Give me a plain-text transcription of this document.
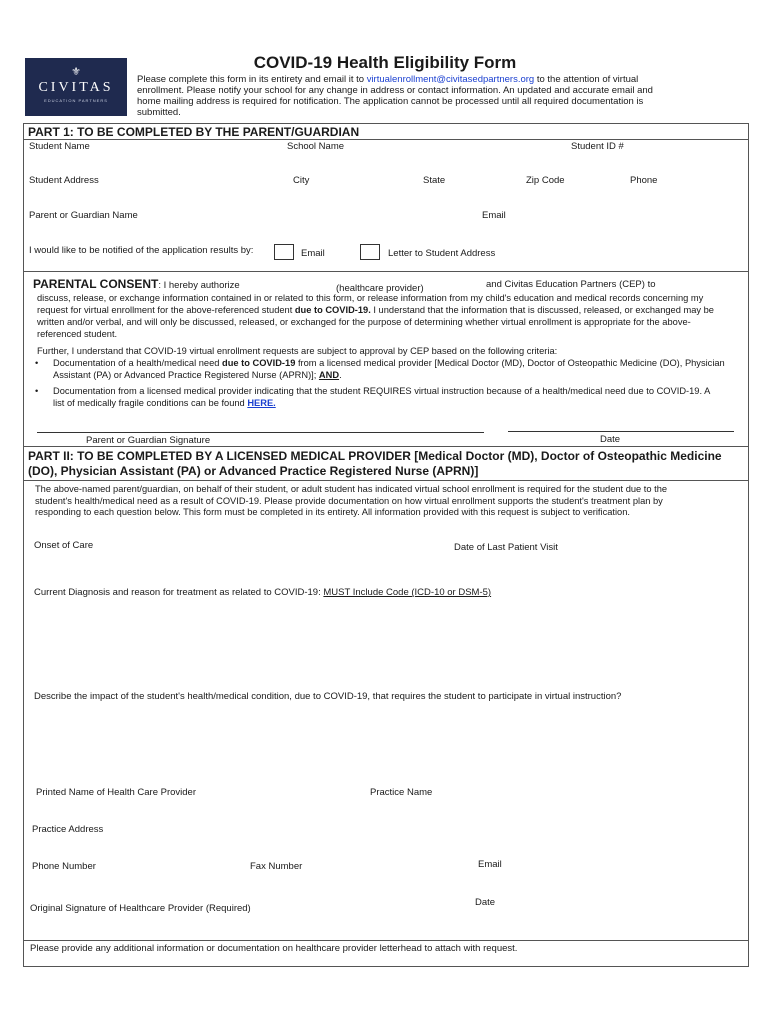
⚜
CIVITAS
EDUCATION PARTNERS
COVID-19 Health Eligibility Form
Please complete this form in its entirety and email it to virtualenrollment@civitasedpartners.org to the attention of virtual enrollment. Please notify your school for any change in address or contact information. An updated and accurate email and home mailing address is required for notification. The application cannot be processed until all required documentation is submitted.
PART 1: TO BE COMPLETED BY THE PARENT/GUARDIAN
Student Name	School Name	Student ID #
Student Address	City	State	Zip Code	Phone
Parent or Guardian Name	Email
I would like to be notified of the application results by:	Email	Letter to Student Address
PARENTAL CONSENT: I hereby authorize	(healthcare provider)	and Civitas Education Partners (CEP) to
discuss, release, or exchange information contained in or related to this form, or release information from my child's education and medical records concerning my request for virtual enrollment for the above-referenced student due to COVID-19. I understand that the information that is discussed, released, or exchanged may be written and/or verbal, and will only be discussed, released, or exchanged for the purpose of determining whether virtual enrollment is appropriate for the above-referenced student.
Further, I understand that COVID-19 virtual enrollment requests are subject to approval by CEP based on the following criteria:
• Documentation of a health/medical need due to COVID-19 from a licensed medical provider [Medical Doctor (MD), Doctor of Osteopathic Medicine (DO), Physician Assistant (PA) or Advanced Practice Registered Nurse (APRN)]; AND.
• Documentation from a licensed medical provider indicating that the student REQUIRES virtual instruction because of a health/medical need due to COVID-19. A list of medically fragile conditions can be found HERE.
Parent or Guardian Signature	Date
PART II: TO BE COMPLETED BY A LICENSED MEDICAL PROVIDER [Medical Doctor (MD), Doctor of Osteopathic Medicine (DO), Physician Assistant (PA) or Advanced Practice Registered Nurse (APRN)]
The above-named parent/guardian, on behalf of their student, or adult student has indicated virtual school enrollment is required for the student due to the student's health/medical need as a result of COVID-19. Please provide documentation on how virtual enrollment supports the student's treatment plan by responding to each question below. This form must be completed in its entirety. All information provided with this request is subject to verification.
Onset of Care	Date of Last Patient Visit
Current Diagnosis and reason for treatment as related to COVID-19: MUST Include Code (ICD-10 or DSM-5)
Describe the impact of the student's health/medical condition, due to COVID-19, that requires the student to participate in virtual instruction?
Printed Name of Health Care Provider	Practice Name
Practice Address
Phone Number	Fax Number	Email
Original Signature of Healthcare Provider (Required)
Date
Please provide any additional information or documentation on healthcare provider letterhead to attach with request.
